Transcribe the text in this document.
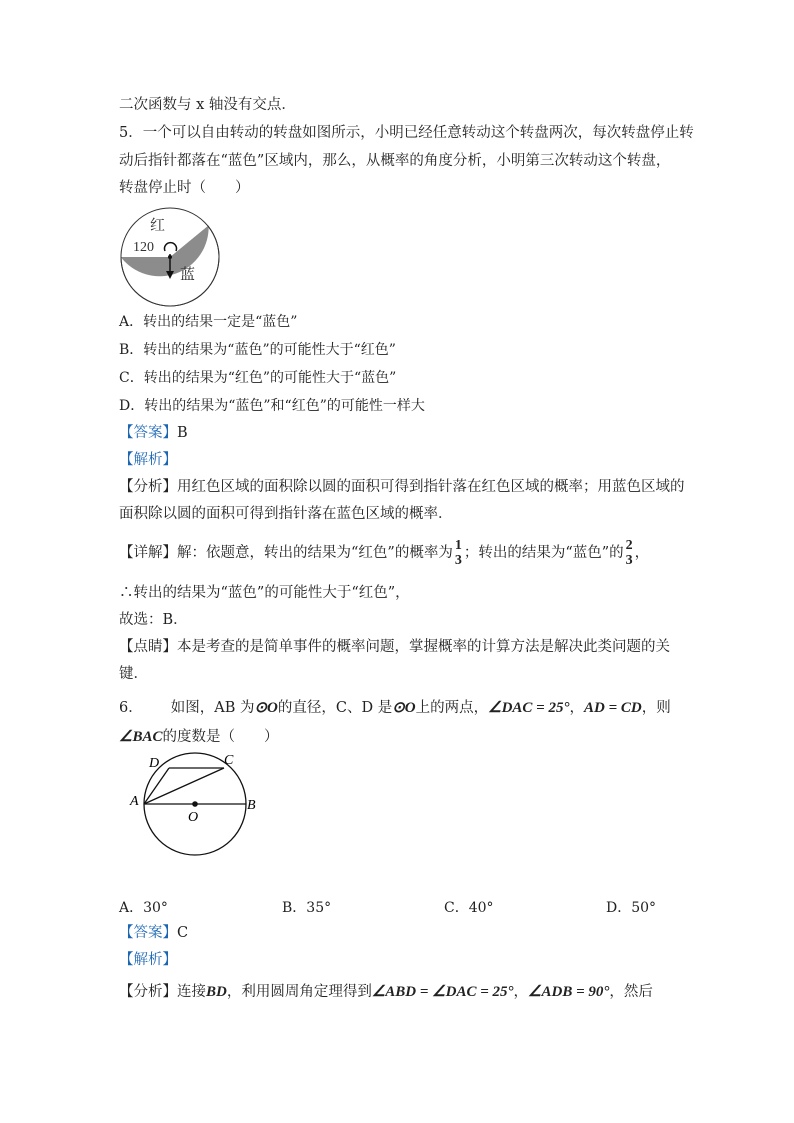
二次函数与 x 轴没有交点．
5．一个可以自由转动的转盘如图所示，小明已经任意转动这个转盘两次，每次转盘停止转
动后指针都落在“蓝色”区域内，那么，从概率的角度分析，小明第三次转动这个转盘，
转盘停止时（　　）
红
120
蓝
A．转出的结果一定是“蓝色”
B．转出的结果为“蓝色”的可能性大于“红色”
C．转出的结果为“红色”的可能性大于“蓝色”
D．转出的结果为“蓝色”和“红色”的可能性一样大
【答案】B
【解析】
【分析】用红色区域的面积除以圆的面积可得到指针落在红色区域的概率；用蓝色区域的
面积除以圆的面积可得到指针落在蓝色区域的概率．
【详解】解：依题意，转出的结果为“红色”的概率为 1
3 ；转出的结果为“蓝色”的 2
3 ，
∴转出的结果为“蓝色”的可能性大于“红色”，
故选：B．
【点睛】本是考查的是简单事件的概率问题，掌握概率的计算方法是解决此类问题的关
键．
6． 如图，AB 为⊙O的直径，C、D 是⊙O上的两点，∠DAC = 25°，AD = CD，则
∠BAC的度数是（　　）
D	C
A	B
O
A．30°	B．35°	C．40°	D．50°
【答案】C
【解析】
【分析】连接BD，利用圆周角定理得到∠ABD = ∠DAC = 25°，∠ADB = 90°，然后
